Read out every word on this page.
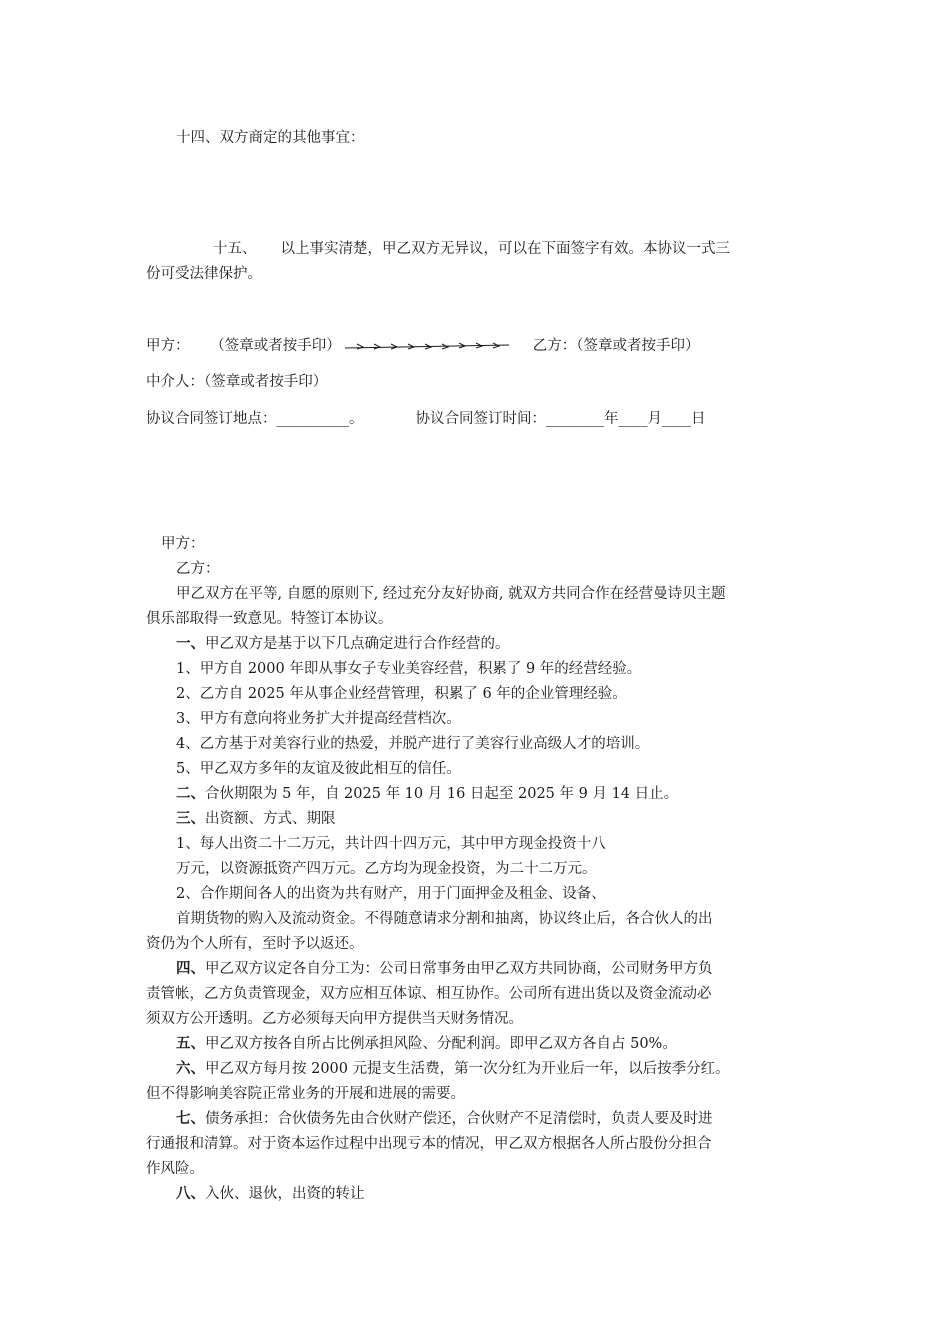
十四、双方商定的其他事宜：
十五、 以上事实清楚，甲乙双方无异议，可以在下面签字有效。本协议一式三
份可受法律保护。
甲方： （签章或者按手印）	乙方：（签章或者按手印）
中介人：（签章或者按手印）
协议合同签订地点：__________。	协议合同签订时间：________年____月____日
甲方：
乙方：
甲乙双方在平等, 自愿的原则下, 经过充分友好协商, 就双方共同合作在经营曼诗贝主题
俱乐部取得一致意见。特签订本协议。
一、甲乙双方是基于以下几点确定进行合作经营的。
1、甲方自 2000 年即从事女子专业美容经营，积累了 9 年的经营经验。
2、乙方自 2025 年从事企业经营管理，积累了 6 年的企业管理经验。
3、甲方有意向将业务扩大并提高经营档次。
4、乙方基于对美容行业的热爱，并脱产进行了美容行业高级人才的培训。
5、甲乙双方多年的友谊及彼此相互的信任。
二、合伙期限为 5 年，自 2025 年 10 月 16 日起至 2025 年 9 月 14 日止。
三、出资额、方式、期限
1、每人出资二十二万元，共计四十四万元，其中甲方现金投资十八
万元，以资源抵资产四万元。乙方均为现金投资，为二十二万元。
2、合作期间各人的出资为共有财产，用于门面押金及租金、设备、
首期货物的购入及流动资金。不得随意请求分割和抽离，协议终止后，各合伙人的出
资仍为个人所有，至时予以返还。
四、甲乙双方议定各自分工为：公司日常事务由甲乙双方共同协商，公司财务甲方负
责管帐，乙方负责管现金，双方应相互体谅、相互协作。公司所有进出货以及资金流动必
须双方公开透明。乙方必须每天向甲方提供当天财务情况。
五、甲乙双方按各自所占比例承担风险、分配利润。即甲乙双方各自占 50%。
六、甲乙双方每月按 2000 元提支生活费，第一次分红为开业后一年，以后按季分红。
但不得影响美容院正常业务的开展和进展的需要。
七、债务承担：合伙债务先由合伙财产偿还，合伙财产不足清偿时，负责人要及时进
行通报和清算。对于资本运作过程中出现亏本的情况，甲乙双方根据各人所占股份分担合
作风险。
八、入伙、退伙，出资的转让
